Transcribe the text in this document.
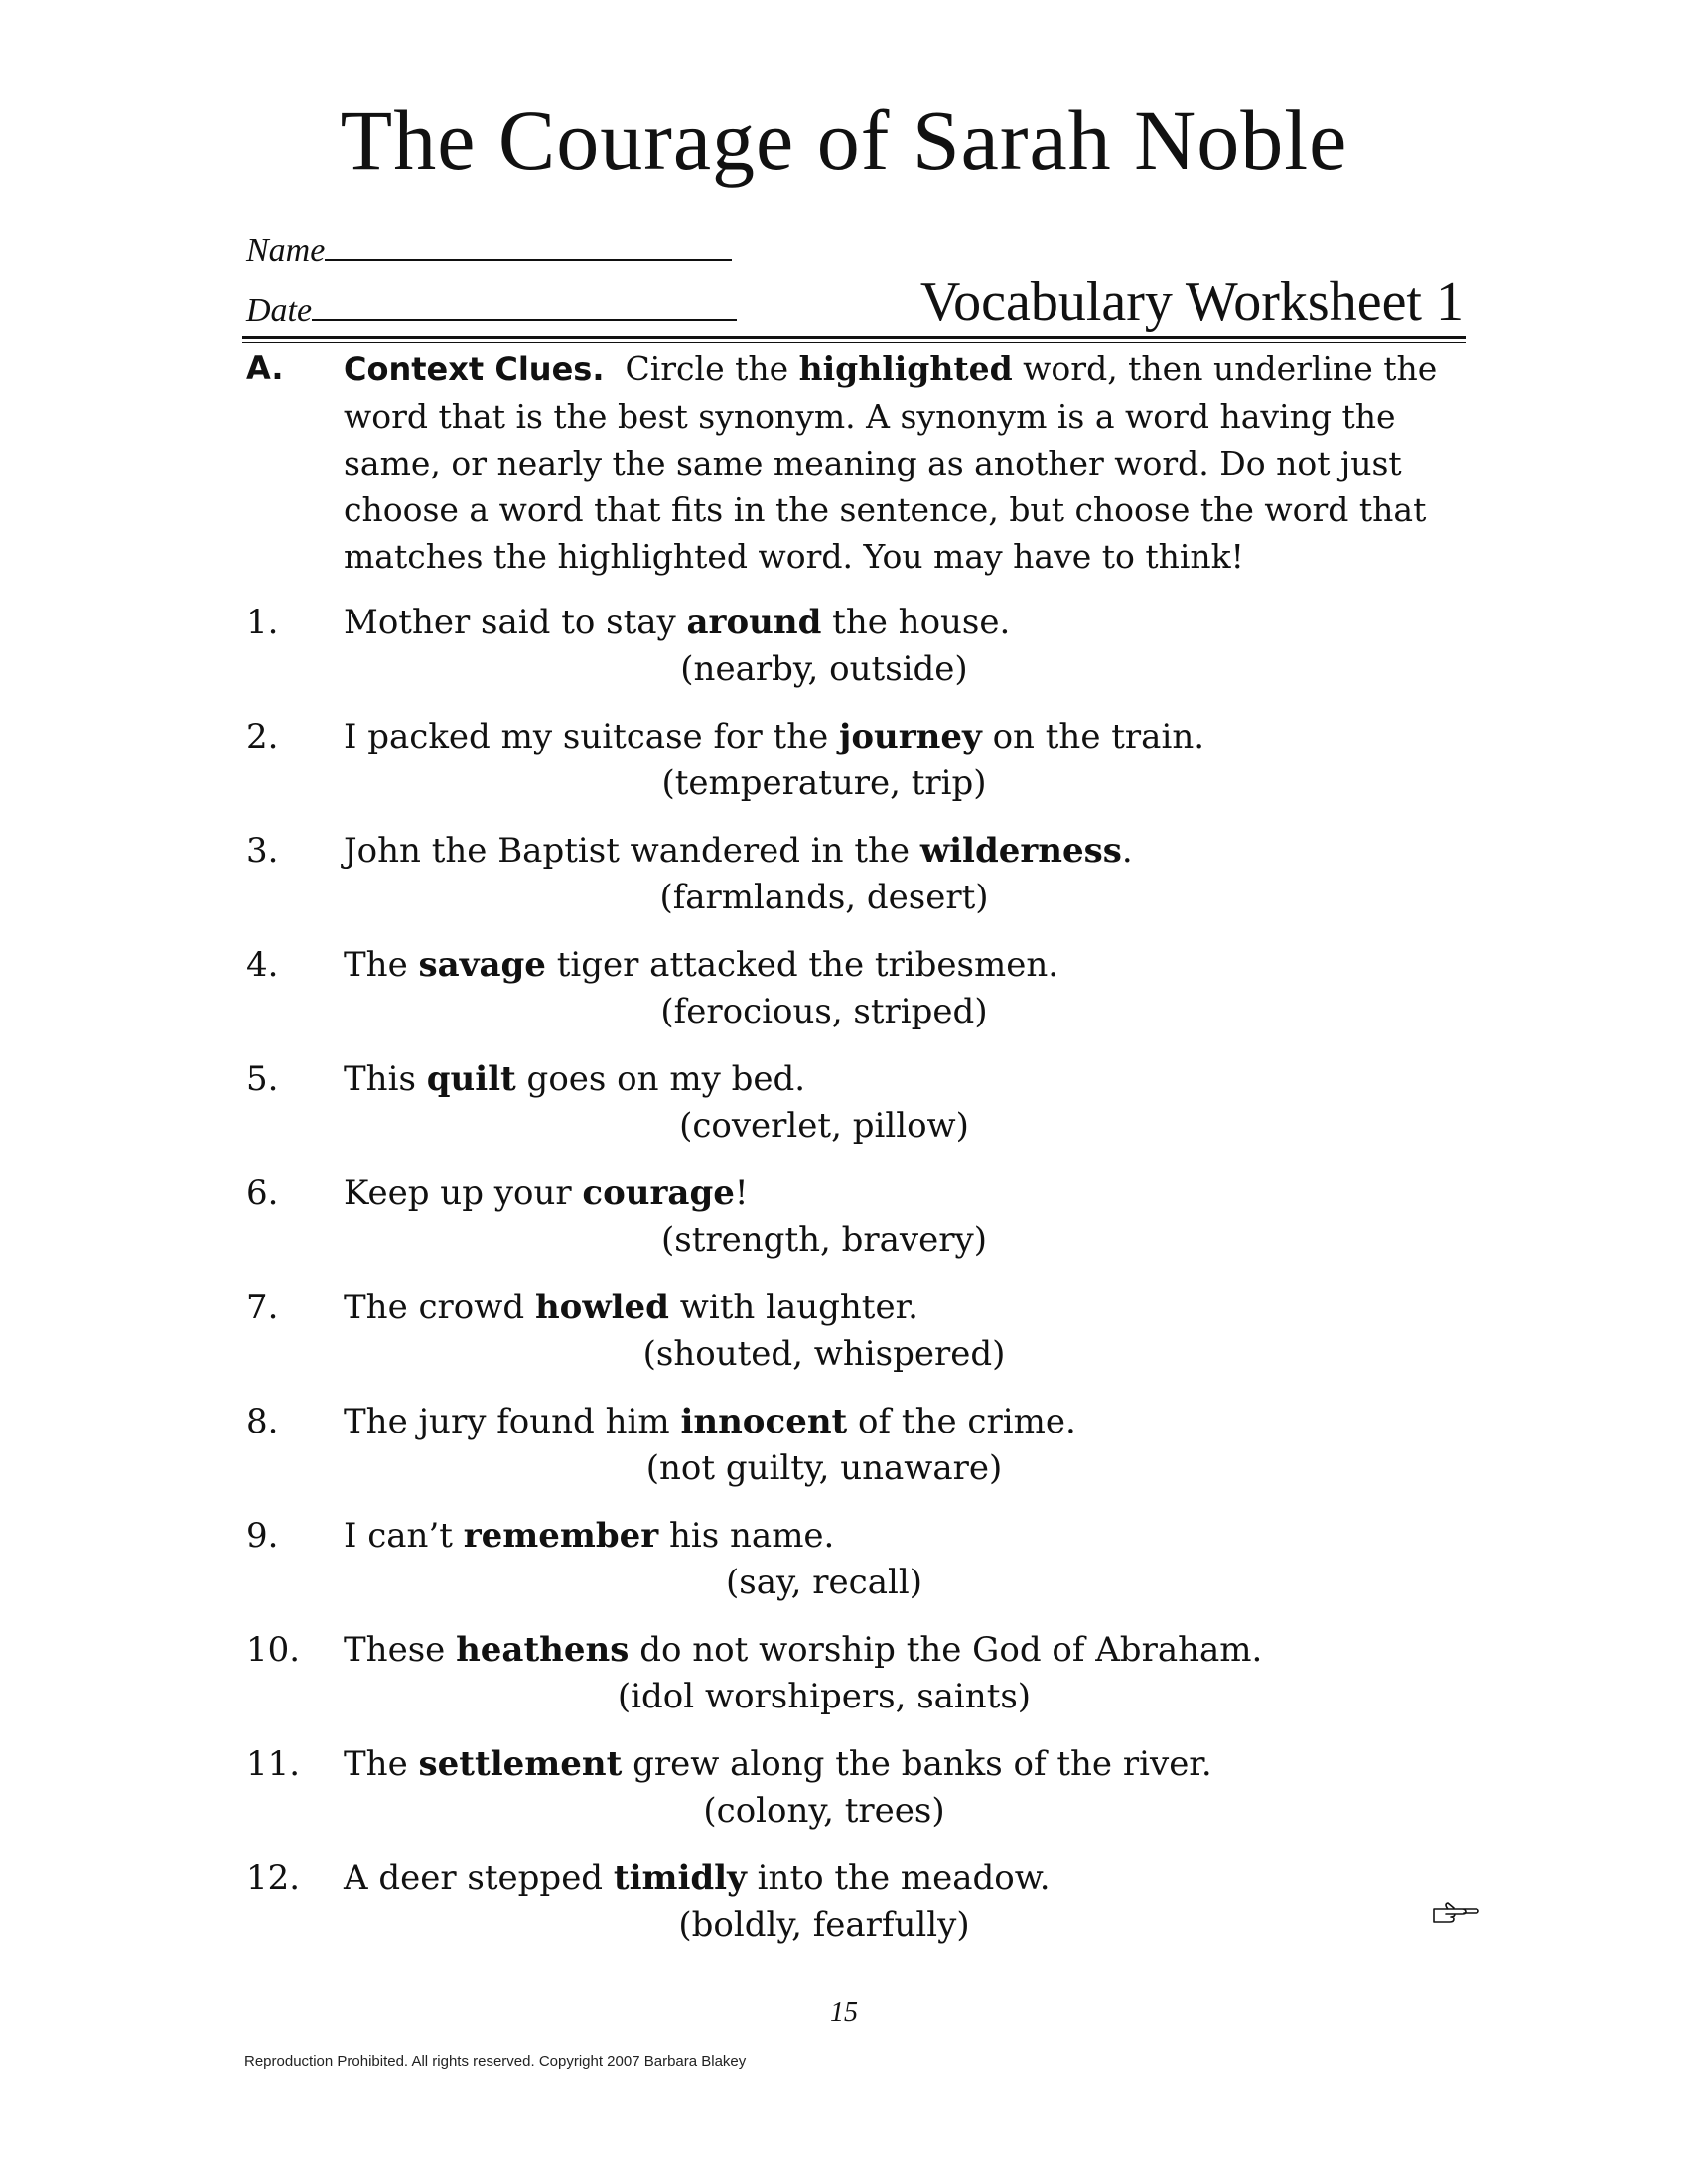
The Courage of Sarah Noble
Name
Date	Vocabulary Worksheet 1
A. Context Clues. Circle the highlighted word, then underline the word that is the best synonym. A synonym is a word having the same, or nearly the same meaning as another word. Do not just choose a word that fits in the sentence, but choose the word that matches the highlighted word. You may have to think!
1. Mother said to stay around the house.
(nearby, outside)
2. I packed my suitcase for the journey on the train.
(temperature, trip)
3. John the Baptist wandered in the wilderness.
(farmlands, desert)
4. The savage tiger attacked the tribesmen.
(ferocious, striped)
5. This quilt goes on my bed.
(coverlet, pillow)
6. Keep up your courage!
(strength, bravery)
7. The crowd howled with laughter.
(shouted, whispered)
8. The jury found him innocent of the crime.
(not guilty, unaware)
9. I can’t remember his name.
(say, recall)
10. These heathens do not worship the God of Abraham.
(idol worshipers, saints)
11. The settlement grew along the banks of the river.
(colony, trees)
12. A deer stepped timidly into the meadow.
(boldly, fearfully)
15
Reproduction Prohibited. All rights reserved. Copyright 2007 Barbara Blakey
